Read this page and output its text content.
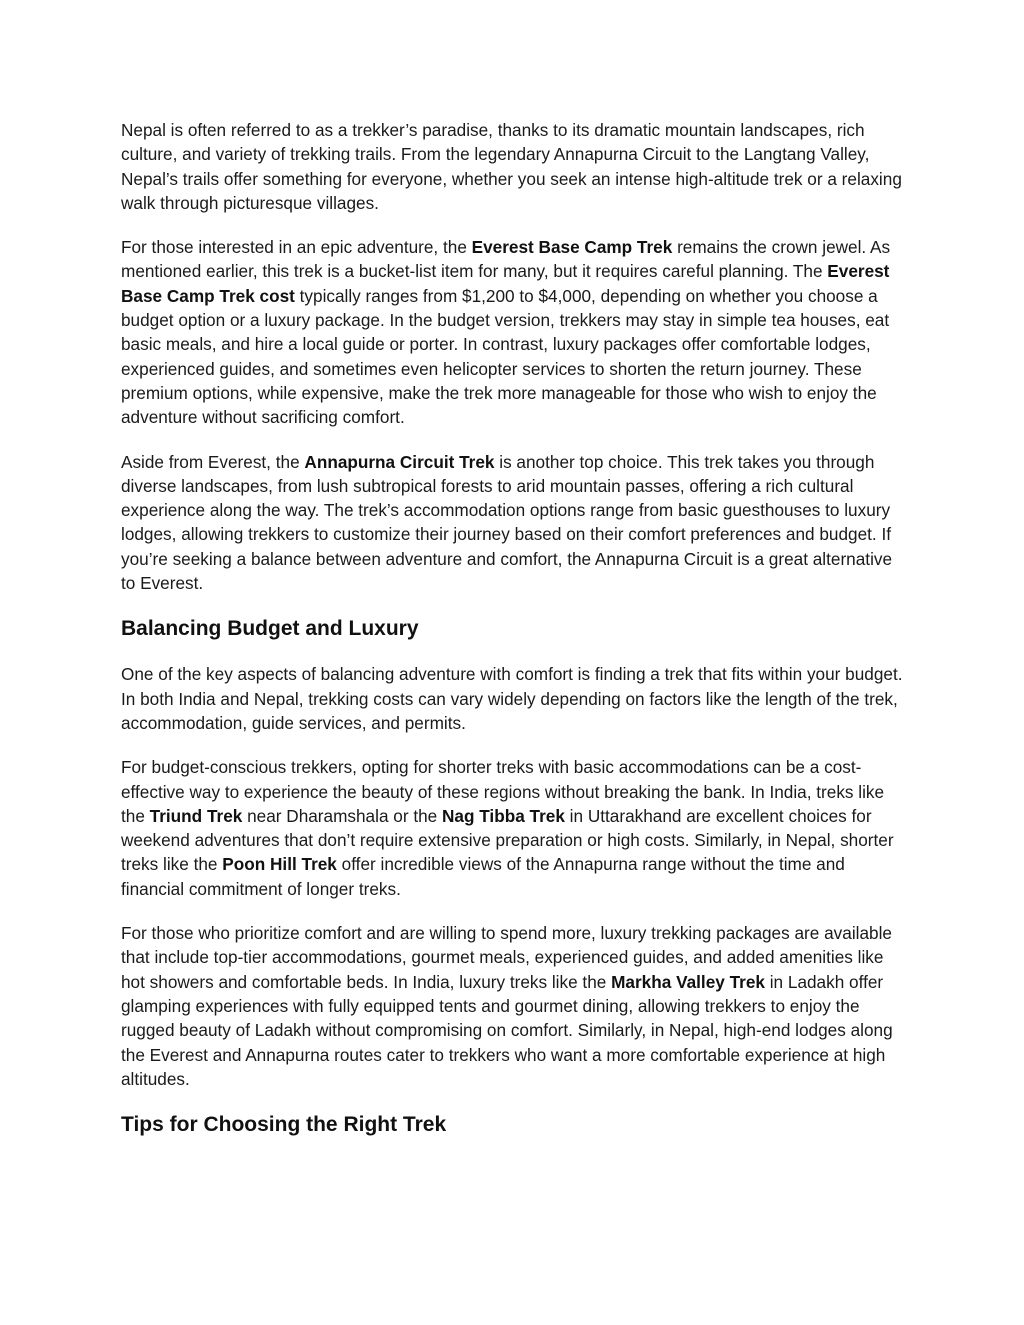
Nepal is often referred to as a trekker’s paradise, thanks to its dramatic mountain landscapes, rich culture, and variety of trekking trails. From the legendary Annapurna Circuit to the Langtang Valley, Nepal’s trails offer something for everyone, whether you seek an intense high-altitude trek or a relaxing walk through picturesque villages.

For those interested in an epic adventure, the Everest Base Camp Trek remains the crown jewel. As mentioned earlier, this trek is a bucket-list item for many, but it requires careful planning. The Everest Base Camp Trek cost typically ranges from $1,200 to $4,000, depending on whether you choose a budget option or a luxury package. In the budget version, trekkers may stay in simple tea houses, eat basic meals, and hire a local guide or porter. In contrast, luxury packages offer comfortable lodges, experienced guides, and sometimes even helicopter services to shorten the return journey. These premium options, while expensive, make the trek more manageable for those who wish to enjoy the adventure without sacrificing comfort.

Aside from Everest, the Annapurna Circuit Trek is another top choice. This trek takes you through diverse landscapes, from lush subtropical forests to arid mountain passes, offering a rich cultural experience along the way. The trek’s accommodation options range from basic guesthouses to luxury lodges, allowing trekkers to customize their journey based on their comfort preferences and budget. If you’re seeking a balance between adventure and comfort, the Annapurna Circuit is a great alternative to Everest.

Balancing Budget and Luxury

One of the key aspects of balancing adventure with comfort is finding a trek that fits within your budget. In both India and Nepal, trekking costs can vary widely depending on factors like the length of the trek, accommodation, guide services, and permits.

For budget-conscious trekkers, opting for shorter treks with basic accommodations can be a cost-effective way to experience the beauty of these regions without breaking the bank. In India, treks like the Triund Trek near Dharamshala or the Nag Tibba Trek in Uttarakhand are excellent choices for weekend adventures that don’t require extensive preparation or high costs. Similarly, in Nepal, shorter treks like the Poon Hill Trek offer incredible views of the Annapurna range without the time and financial commitment of longer treks.

For those who prioritize comfort and are willing to spend more, luxury trekking packages are available that include top-tier accommodations, gourmet meals, experienced guides, and added amenities like hot showers and comfortable beds. In India, luxury treks like the Markha Valley Trek in Ladakh offer glamping experiences with fully equipped tents and gourmet dining, allowing trekkers to enjoy the rugged beauty of Ladakh without compromising on comfort. Similarly, in Nepal, high-end lodges along the Everest and Annapurna routes cater to trekkers who want a more comfortable experience at high altitudes.

Tips for Choosing the Right Trek
